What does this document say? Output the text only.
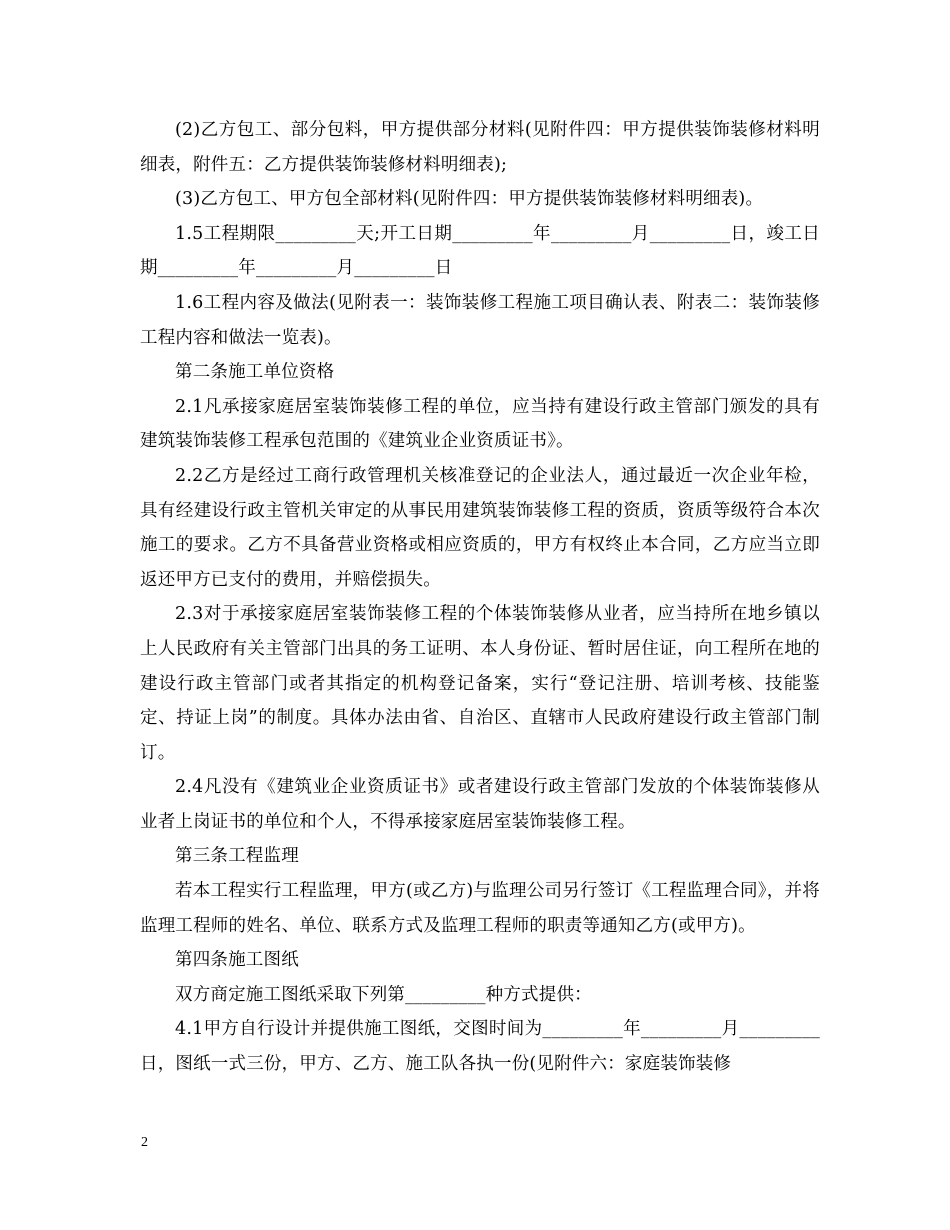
(2)乙方包工、部分包料，甲方提供部分材料(见附件四：甲方提供装饰装修材料明细表，附件五：乙方提供装饰装修材料明细表);

(3)乙方包工、甲方包全部材料(见附件四：甲方提供装饰装修材料明细表)。

1.5工程期限_________天;开工日期_________年_________月_________日，竣工日期_________年_________月_________日

1.6工程内容及做法(见附表一：装饰装修工程施工项目确认表、附表二：装饰装修工程内容和做法一览表)。

第二条施工单位资格

2.1凡承接家庭居室装饰装修工程的单位，应当持有建设行政主管部门颁发的具有建筑装饰装修工程承包范围的《建筑业企业资质证书》。

2.2乙方是经过工商行政管理机关核准登记的企业法人，通过最近一次企业年检，具有经建设行政主管机关审定的从事民用建筑装饰装修工程的资质，资质等级符合本次施工的要求。乙方不具备营业资格或相应资质的，甲方有权终止本合同，乙方应当立即返还甲方已支付的费用，并赔偿损失。

2.3对于承接家庭居室装饰装修工程的个体装饰装修从业者，应当持所在地乡镇以上人民政府有关主管部门出具的务工证明、本人身份证、暂时居住证，向工程所在地的建设行政主管部门或者其指定的机构登记备案，实行“登记注册、培训考核、技能鉴定、持证上岗”的制度。具体办法由省、自治区、直辖市人民政府建设行政主管部门制订。

2.4凡没有《建筑业企业资质证书》或者建设行政主管部门发放的个体装饰装修从业者上岗证书的单位和个人，不得承接家庭居室装饰装修工程。

第三条工程监理

若本工程实行工程监理，甲方(或乙方)与监理公司另行签订《工程监理合同》，并将监理工程师的姓名、单位、联系方式及监理工程师的职责等通知乙方(或甲方)。

第四条施工图纸

双方商定施工图纸采取下列第_________种方式提供：

4.1甲方自行设计并提供施工图纸，交图时间为_________年_________月_________日，图纸一式三份，甲方、乙方、施工队各执一份(见附件六：家庭装饰装修

2
